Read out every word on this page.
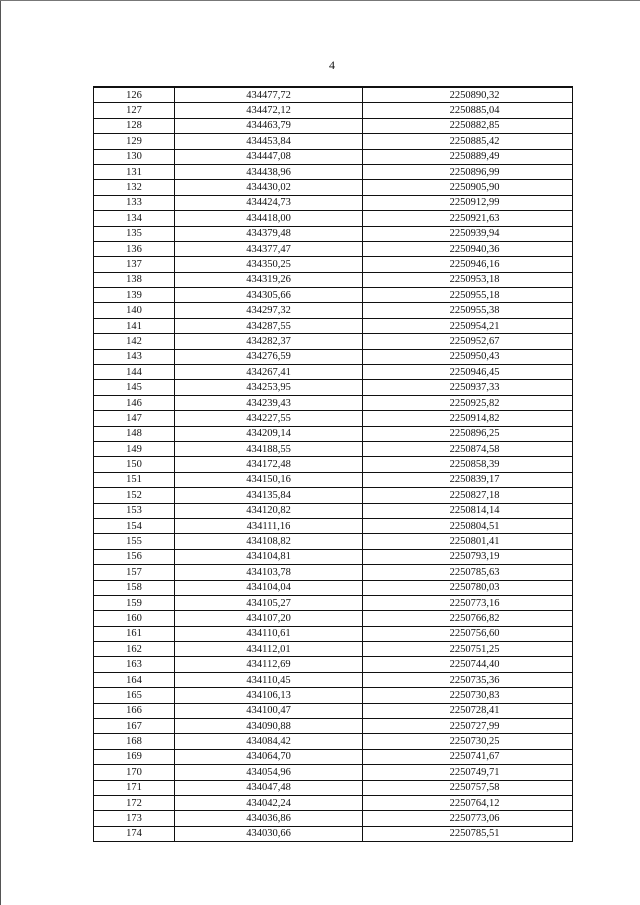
4
126	434477,72	2250890,32
127	434472,12	2250885,04
128	434463,79	2250882,85
129	434453,84	2250885,42
130	434447,08	2250889,49
131	434438,96	2250896,99
132	434430,02	2250905,90
133	434424,73	2250912,99
134	434418,00	2250921,63
135	434379,48	2250939,94
136	434377,47	2250940,36
137	434350,25	2250946,16
138	434319,26	2250953,18
139	434305,66	2250955,18
140	434297,32	2250955,38
141	434287,55	2250954,21
142	434282,37	2250952,67
143	434276,59	2250950,43
144	434267,41	2250946,45
145	434253,95	2250937,33
146	434239,43	2250925,82
147	434227,55	2250914,82
148	434209,14	2250896,25
149	434188,55	2250874,58
150	434172,48	2250858,39
151	434150,16	2250839,17
152	434135,84	2250827,18
153	434120,82	2250814,14
154	434111,16	2250804,51
155	434108,82	2250801,41
156	434104,81	2250793,19
157	434103,78	2250785,63
158	434104,04	2250780,03
159	434105,27	2250773,16
160	434107,20	2250766,82
161	434110,61	2250756,60
162	434112,01	2250751,25
163	434112,69	2250744,40
164	434110,45	2250735,36
165	434106,13	2250730,83
166	434100,47	2250728,41
167	434090,88	2250727,99
168	434084,42	2250730,25
169	434064,70	2250741,67
170	434054,96	2250749,71
171	434047,48	2250757,58
172	434042,24	2250764,12
173	434036,86	2250773,06
174	434030,66	2250785,51
